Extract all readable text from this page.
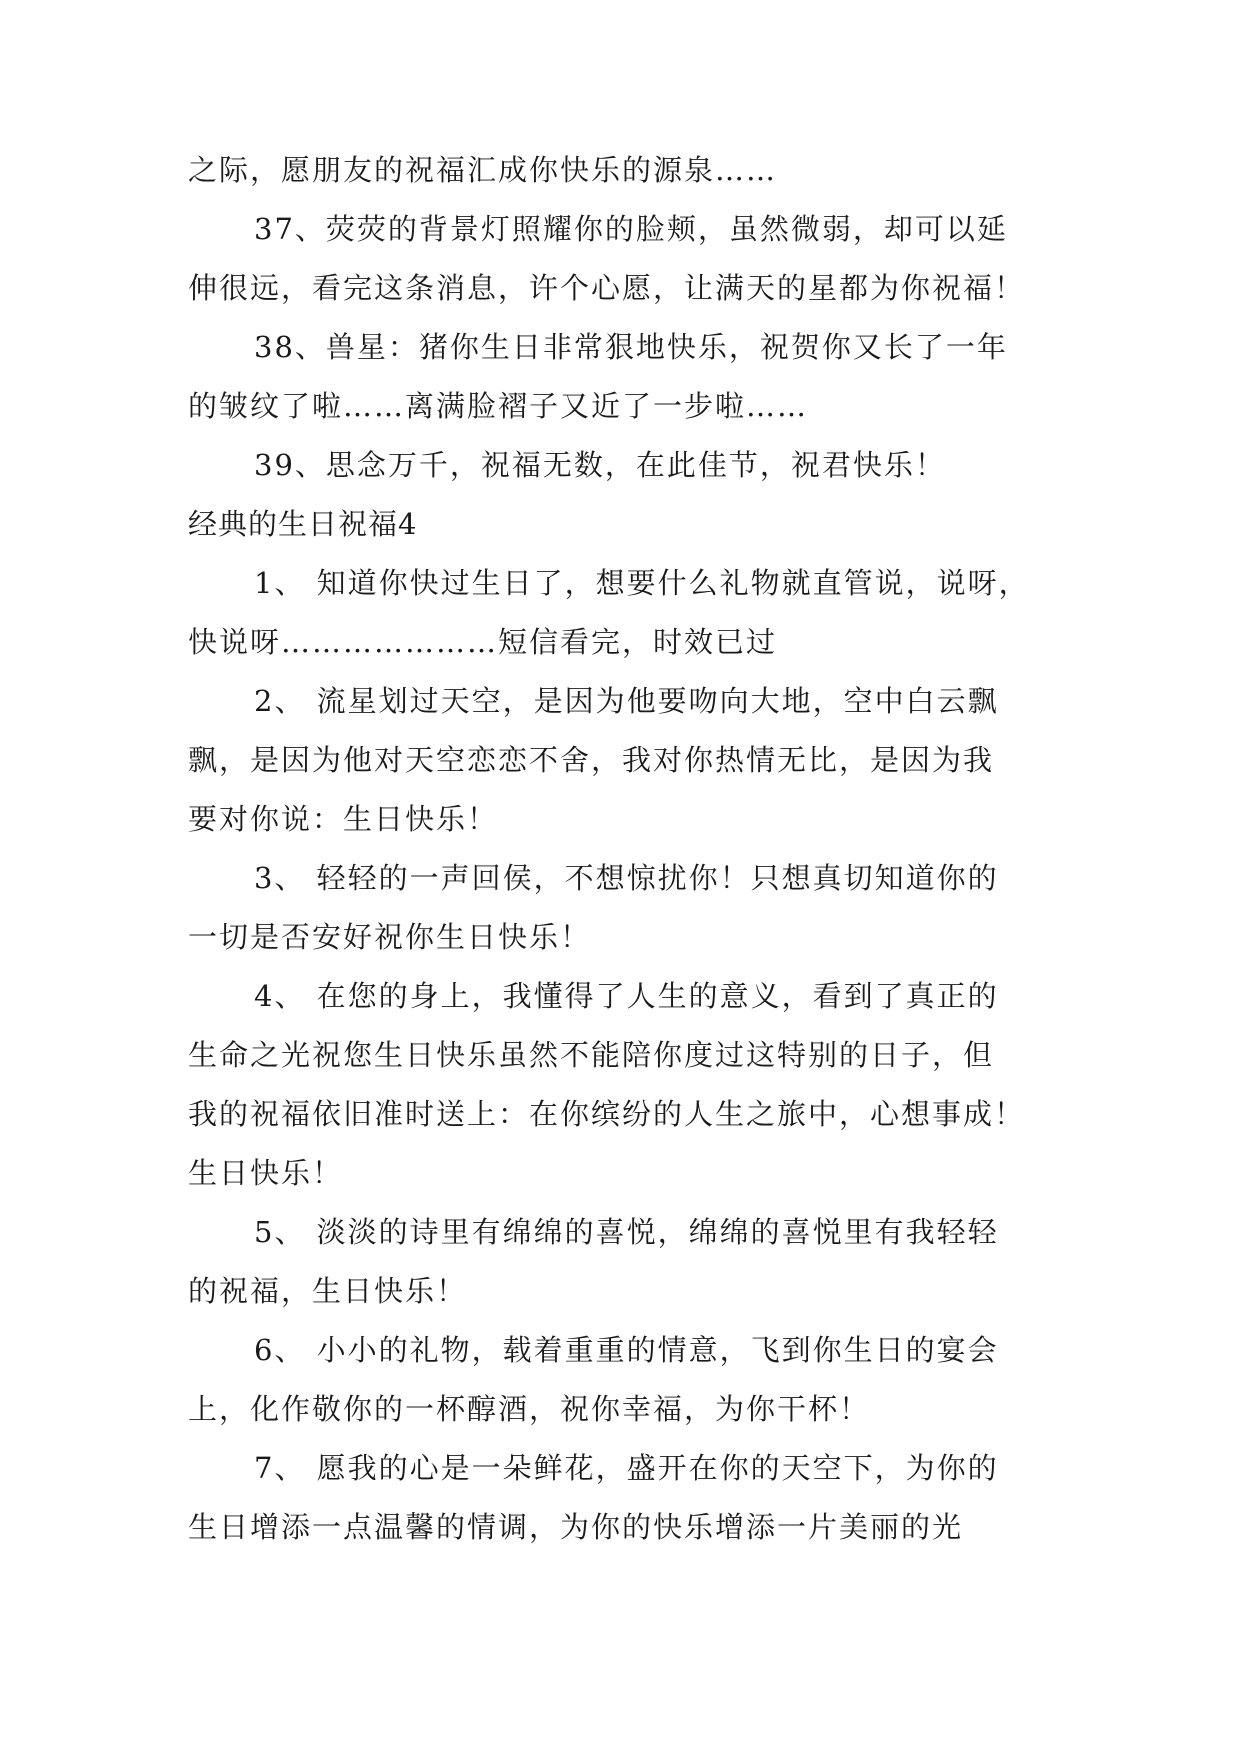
之际，愿朋友的祝福汇成你快乐的源泉……
37、荧荧的背景灯照耀你的脸颊，虽然微弱，却可以延
伸很远，看完这条消息，许个心愿，让满天的星都为你祝福！
38、兽星：猪你生日非常狠地快乐，祝贺你又长了一年
的皱纹了啦……离满脸褶子又近了一步啦……
39、思念万千，祝福无数，在此佳节，祝君快乐！
经典的生日祝福4
1、 知道你快过生日了，想要什么礼物就直管说，说呀，
快说呀…………………短信看完，时效已过
2、 流星划过天空，是因为他要吻向大地，空中白云飘
飘，是因为他对天空恋恋不舍，我对你热情无比，是因为我
要对你说：生日快乐！
3、 轻轻的一声回侯，不想惊扰你！只想真切知道你的
一切是否安好祝你生日快乐！
4、 在您的身上，我懂得了人生的意义，看到了真正的
生命之光祝您生日快乐虽然不能陪你度过这特别的日子，但
我的祝福依旧准时送上：在你缤纷的人生之旅中，心想事成！
生日快乐！
5、 淡淡的诗里有绵绵的喜悦，绵绵的喜悦里有我轻轻
的祝福，生日快乐！
6、 小小的礼物，载着重重的情意，飞到你生日的宴会
上，化作敬你的一杯醇酒，祝你幸福，为你干杯！
7、 愿我的心是一朵鲜花，盛开在你的天空下，为你的
生日增添一点温馨的情调，为你的快乐增添一片美丽的光
